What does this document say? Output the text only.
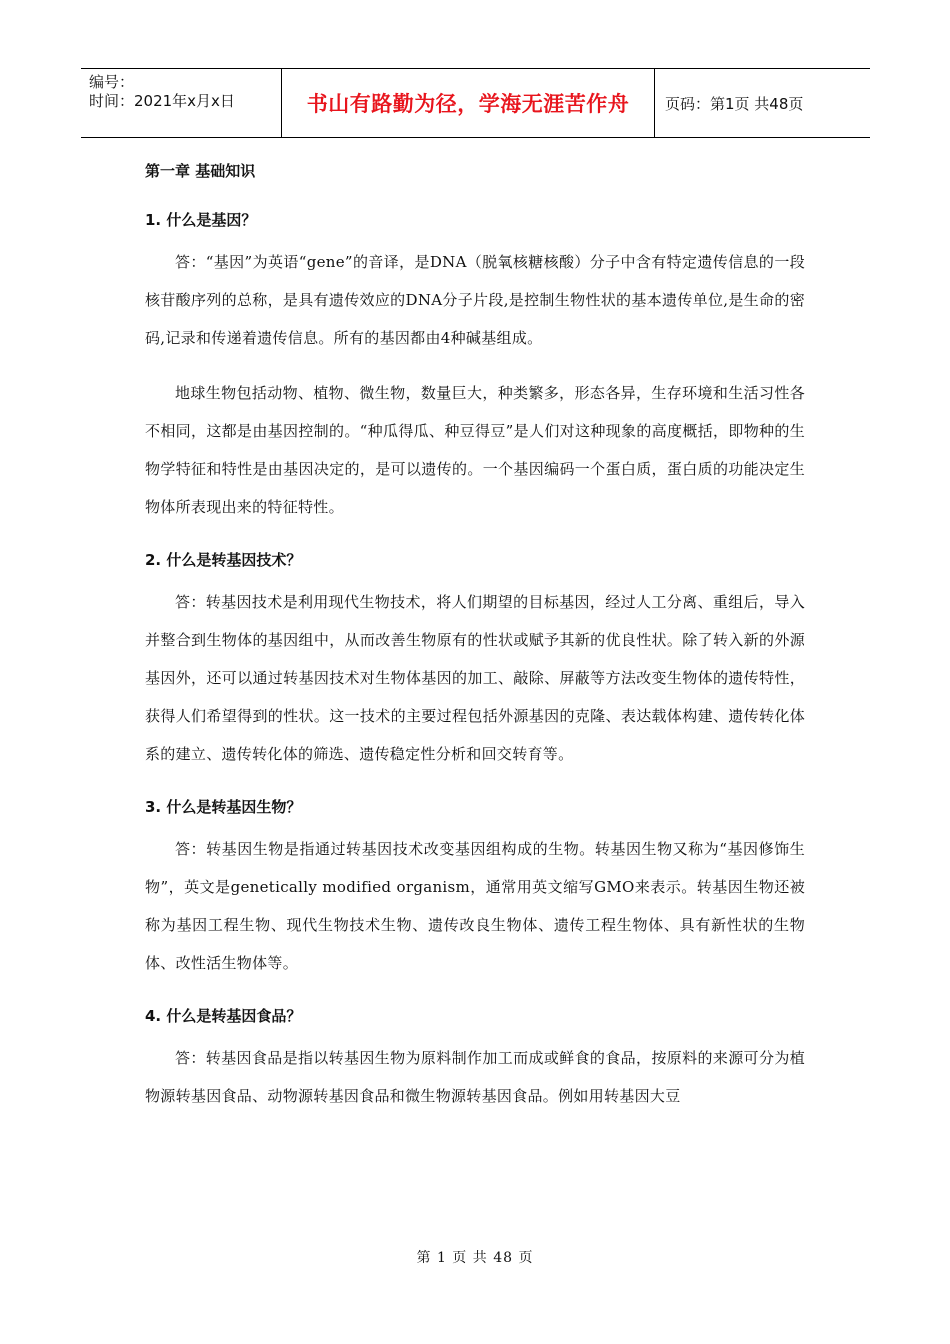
编号：
时间：2021年x月x日	书山有路勤为径，学海无涯苦作舟	页码：第1页 共48页
第一章 基础知识
1. 什么是基因？

答：“基因”为英语“gene”的音译，是DNA（脱氧核糖核酸）分子中含有特定遗传信息的一段核苷酸序列的总称，是具有遗传效应的DNA分子片段,是控制生物性状的基本遗传单位,是生命的密码,记录和传递着遗传信息。所有的基因都由4种碱基组成。

地球生物包括动物、植物、微生物，数量巨大，种类繁多，形态各异，生存环境和生活习性各不相同，这都是由基因控制的。“种瓜得瓜、种豆得豆”是人们对这种现象的高度概括，即物种的生物学特征和特性是由基因决定的，是可以遗传的。一个基因编码一个蛋白质，蛋白质的功能决定生物体所表现出来的特征特性。

2. 什么是转基因技术？

答：转基因技术是利用现代生物技术，将人们期望的目标基因，经过人工分离、重组后，导入并整合到生物体的基因组中，从而改善生物原有的性状或赋予其新的优良性状。除了转入新的外源基因外，还可以通过转基因技术对生物体基因的加工、敲除、屏蔽等方法改变生物体的遗传特性，获得人们希望得到的性状。这一技术的主要过程包括外源基因的克隆、表达载体构建、遗传转化体系的建立、遗传转化体的筛选、遗传稳定性分析和回交转育等。

3. 什么是转基因生物？

答：转基因生物是指通过转基因技术改变基因组构成的生物。转基因生物又称为“基因修饰生物”，英文是genetically modified organism，通常用英文缩写GMO来表示。转基因生物还被称为基因工程生物、现代生物技术生物、遗传改良生物体、遗传工程生物体、具有新性状的生物体、改性活生物体等。

4. 什么是转基因食品？

答：转基因食品是指以转基因生物为原料制作加工而成或鲜食的食品，按原料的来源可分为植物源转基因食品、动物源转基因食品和微生物源转基因食品。例如用转基因大豆

第 1 页 共 48 页
